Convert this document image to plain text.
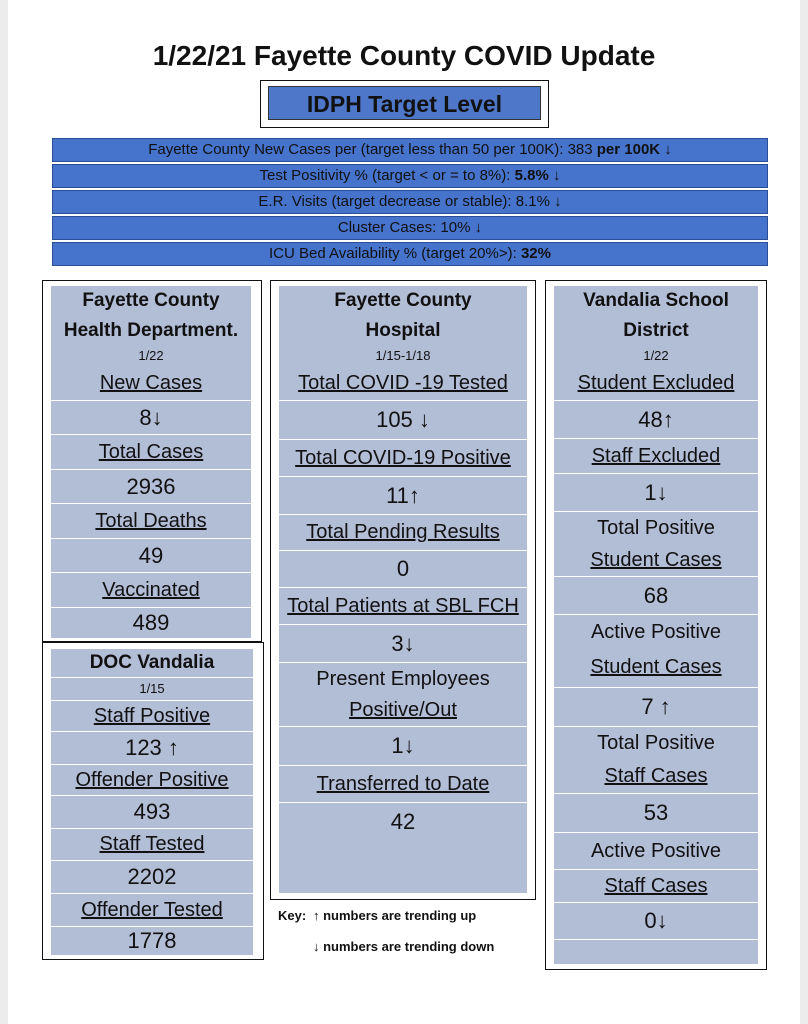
1/22/21 Fayette County COVID Update
IDPH Target Level
Fayette County New Cases per (target less than 50 per 100K): 383 per 100K ↓
Test Positivity % (target < or = to 8%): 5.8% ↓
E.R. Visits (target decrease or stable): 8.1% ↓
Cluster Cases: 10% ↓
ICU Bed Availability % (target 20%>): 32%
Fayette County
Health Department.
1/22
New Cases
8↓
Total Cases
2936
Total Deaths
49
Vaccinated
489
DOC Vandalia
1/15
Staff Positive
123 ↑
Offender Positive
493
Staff Tested
2202
Offender Tested
1778
Fayette County
Hospital
1/15-1/18
Total COVID -19 Tested
105 ↓
Total COVID-19 Positive
11↑
Total Pending Results
0
Total Patients at SBL FCH
3↓
Present Employees
Positive/Out
1↓
Transferred to Date
42
Vandalia School
District
1/22
Student Excluded
48↑
Staff Excluded
1↓
Total Positive
Student Cases
68
Active Positive
Student Cases
7 ↑
Total Positive
Staff Cases
53
Active Positive
Staff Cases
0↓
Key: ↑ numbers are trending up
↓ numbers are trending down
